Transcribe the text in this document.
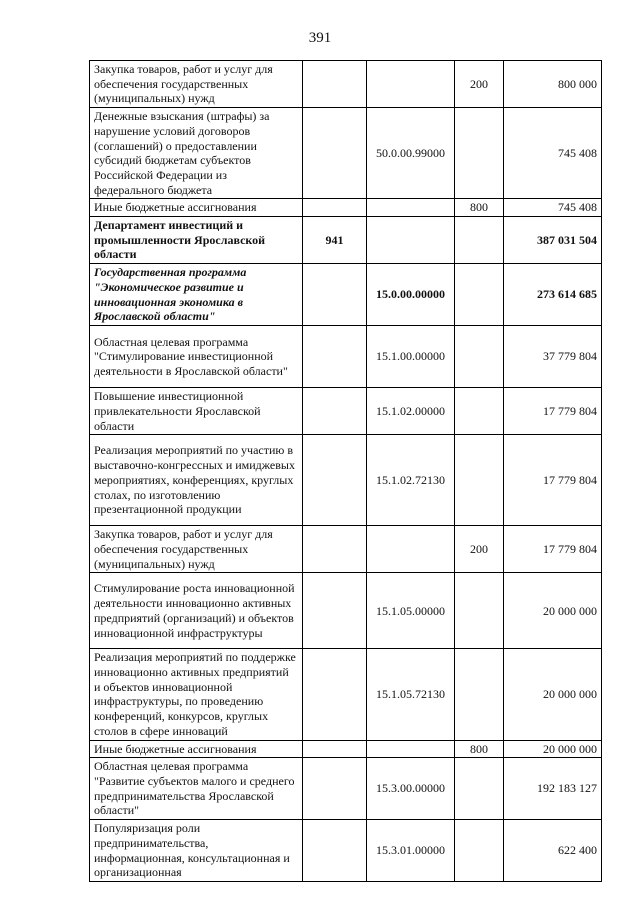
391
Закупка товаров, работ и услуг для обеспечения государственных (муниципальных) нужд			200	800 000
Денежные взыскания (штрафы) за нарушение условий договоров (соглашений) о предоставлении субсидий бюджетам субъектов Российской Федерации из федерального бюджета		50.0.00.99000		745 408
Иные бюджетные ассигнования			800	745 408
Департамент инвестиций и промышленности Ярославской области	941			387 031 504
Государственная программа "Экономическое развитие и инновационная экономика в Ярославской области"		15.0.00.00000		273 614 685
Областная целевая программа "Стимулирование инвестиционной деятельности в Ярославской области"		15.1.00.00000		37 779 804
Повышение инвестиционной привлекательности Ярославской области		15.1.02.00000		17 779 804
Реализация мероприятий по участию в выставочно-конгрессных и имиджевых мероприятиях, конференциях, круглых столах, по изготовлению презентационной продукции		15.1.02.72130		17 779 804
Закупка товаров, работ и услуг для обеспечения государственных (муниципальных) нужд			200	17 779 804
Стимулирование роста инновационной деятельности инновационно активных предприятий (организаций) и объектов инновационной инфраструктуры		15.1.05.00000		20 000 000
Реализация мероприятий по поддержке инновационно активных предприятий и объектов инновационной инфраструктуры, по проведению конференций, конкурсов, круглых столов в сфере инноваций		15.1.05.72130		20 000 000
Иные бюджетные ассигнования			800	20 000 000
Областная целевая программа "Развитие субъектов малого и среднего предпринимательства Ярославской области"		15.3.00.00000		192 183 127
Популяризация роли предпринимательства, информационная, консультационная и организационная		15.3.01.00000		622 400
